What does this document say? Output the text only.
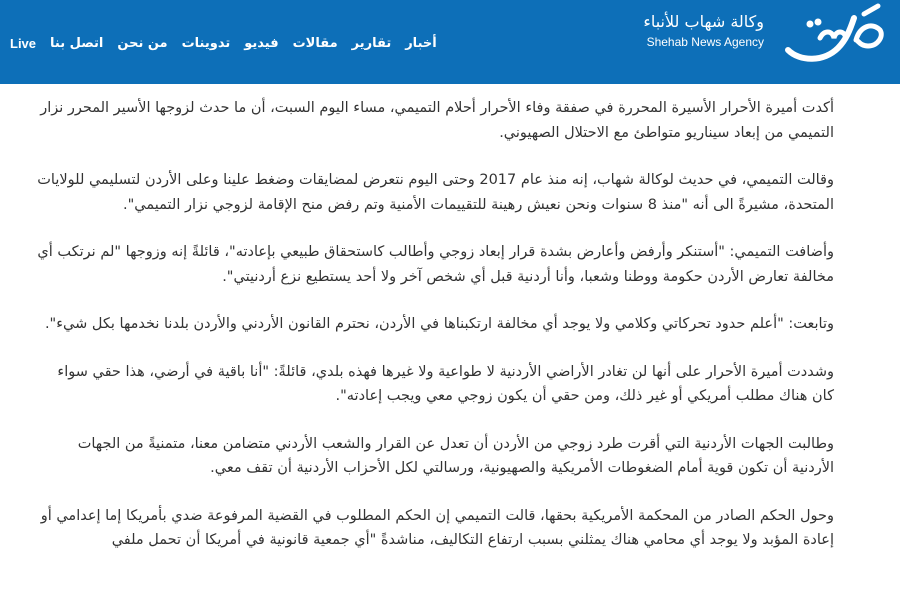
وكالة شهاب للأنباء
Shehab News Agency
Live اتصل بنا من نحن تدوينات فيديو مقالات تقارير أخبار

أكدت أميرة الأحرار الأسيرة المحررة في صفقة وفاء الأحرار أحلام التميمي، مساء اليوم السبت، أن ما حدث لزوجها الأسير المحرر نزار التميمي من إبعاد سيناريو متواطئ مع الاحتلال الصهيوني.

وقالت التميمي، في حديث لوكالة شهاب، إنه منذ عام 2017 وحتى اليوم نتعرض لمضايقات وضغط علينا وعلى الأردن لتسليمي للولايات المتحدة، مشيرةً الى أنه "منذ 8 سنوات ونحن نعيش رهينة للتقييمات الأمنية وتم رفض منح الإقامة لزوجي نزار التميمي".

وأضافت التميمي: "أستنكر وأرفض وأعارض بشدة قرار إبعاد زوجي وأطالب كاستحقاق طبيعي بإعادته"، قائلةً إنه وزوجها "لم نرتكب أي مخالفة تعارض الأردن حكومة ووطنا وشعبا، وأنا أردنية قبل أي شخص آخر ولا أحد يستطيع نزع أردنيتي".

وتابعت: "أعلم حدود تحركاتي وكلامي ولا يوجد أي مخالفة ارتكبناها في الأردن، نحترم القانون الأردني والأردن بلدنا نخدمها بكل شيء".

وشددت أميرة الأحرار على أنها لن تغادر الأراضي الأردنية لا طواعية ولا غيرها فهذه بلدي، قائلةً: "أنا باقية في أرضي، هذا حقي سواء كان هناك مطلب أمريكي أو غير ذلك، ومن حقي أن يكون زوجي معي ويجب إعادته".

وطالبت الجهات الأردنية التي أقرت طرد زوجي من الأردن أن تعدل عن القرار والشعب الأردني متضامن معنا، متمنيةً من الجهات الأردنية أن تكون قوية أمام الضغوطات الأمريكية والصهيونية، ورسالتي لكل الأحزاب الأردنية أن تقف معي.

وحول الحكم الصادر من المحكمة الأمريكية بحقها، قالت التميمي إن الحكم المطلوب في القضية المرفوعة ضدي بأمريكا إما إعدامي أو إعادة المؤبد ولا يوجد أي محامي هناك يمثلني بسبب ارتفاع التكاليف، مناشدةً "أي جمعية قانونية في أمريكا أن تحمل ملفي
